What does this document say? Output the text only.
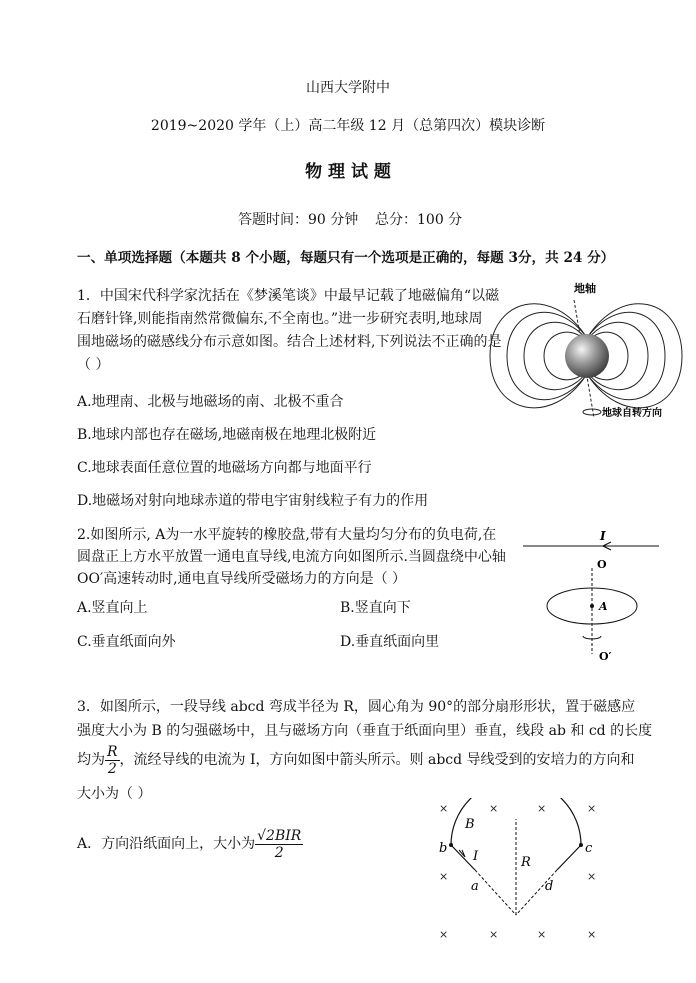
山西大学附中
2019~2020 学年（上）高二年级 12 月（总第四次）模块诊断
物 理 试 题
答题时间：90 分钟 总分：100 分
一、单项选择题（本题共 8 个小题，每题只有一个选项是正确的，每题 3分，共 24 分）
1．中国宋代科学家沈括在《梦溪笔谈》中最早记载了地磁偏角“以磁
石磨针锋,则能指南然常微偏东,不全南也。”进一步研究表明,地球周
围地磁场的磁感线分布示意如图。结合上述材料,下列说法不正确的是
（ ）
A.地理南、北极与地磁场的南、北极不重合
B.地球内部也存在磁场,地磁南极在地理北极附近
C.地球表面任意位置的地磁场方向都与地面平行
D.地磁场对射向地球赤道的带电宇宙射线粒子有力的作用
地轴
地球自转方向
2.如图所示, A为一水平旋转的橡胶盘,带有大量均匀分布的负电荷,在
圆盘正上方水平放置一通电直导线,电流方向如图所示.当圆盘绕中心轴
OO′高速转动时,通电直导线所受磁场力的方向是（ ）
A.竖直向上	B.竖直向下
C.垂直纸面向外	D.垂直纸面向里
I
O
A
O′
3．如图所示，一段导线 abcd 弯成半径为 R，圆心角为 90°的部分扇形形状，置于磁感应
强度大小为 B 的匀强磁场中，且与磁场方向（垂直于纸面向里）垂直，线段 ab 和 cd 的长度
均为 $\frac{R}{2}$ ，流经导线的电流为 I，方向如图中箭头所示。则 abcd 导线受到的安培力的方向和
大小为（ ）
A．方向沿纸面向上，大小为 $\frac{\text{√2BIR}}{2}$
×	×	×	×
×	×
×	×	×	×
B
b
I	R
c
a	d
